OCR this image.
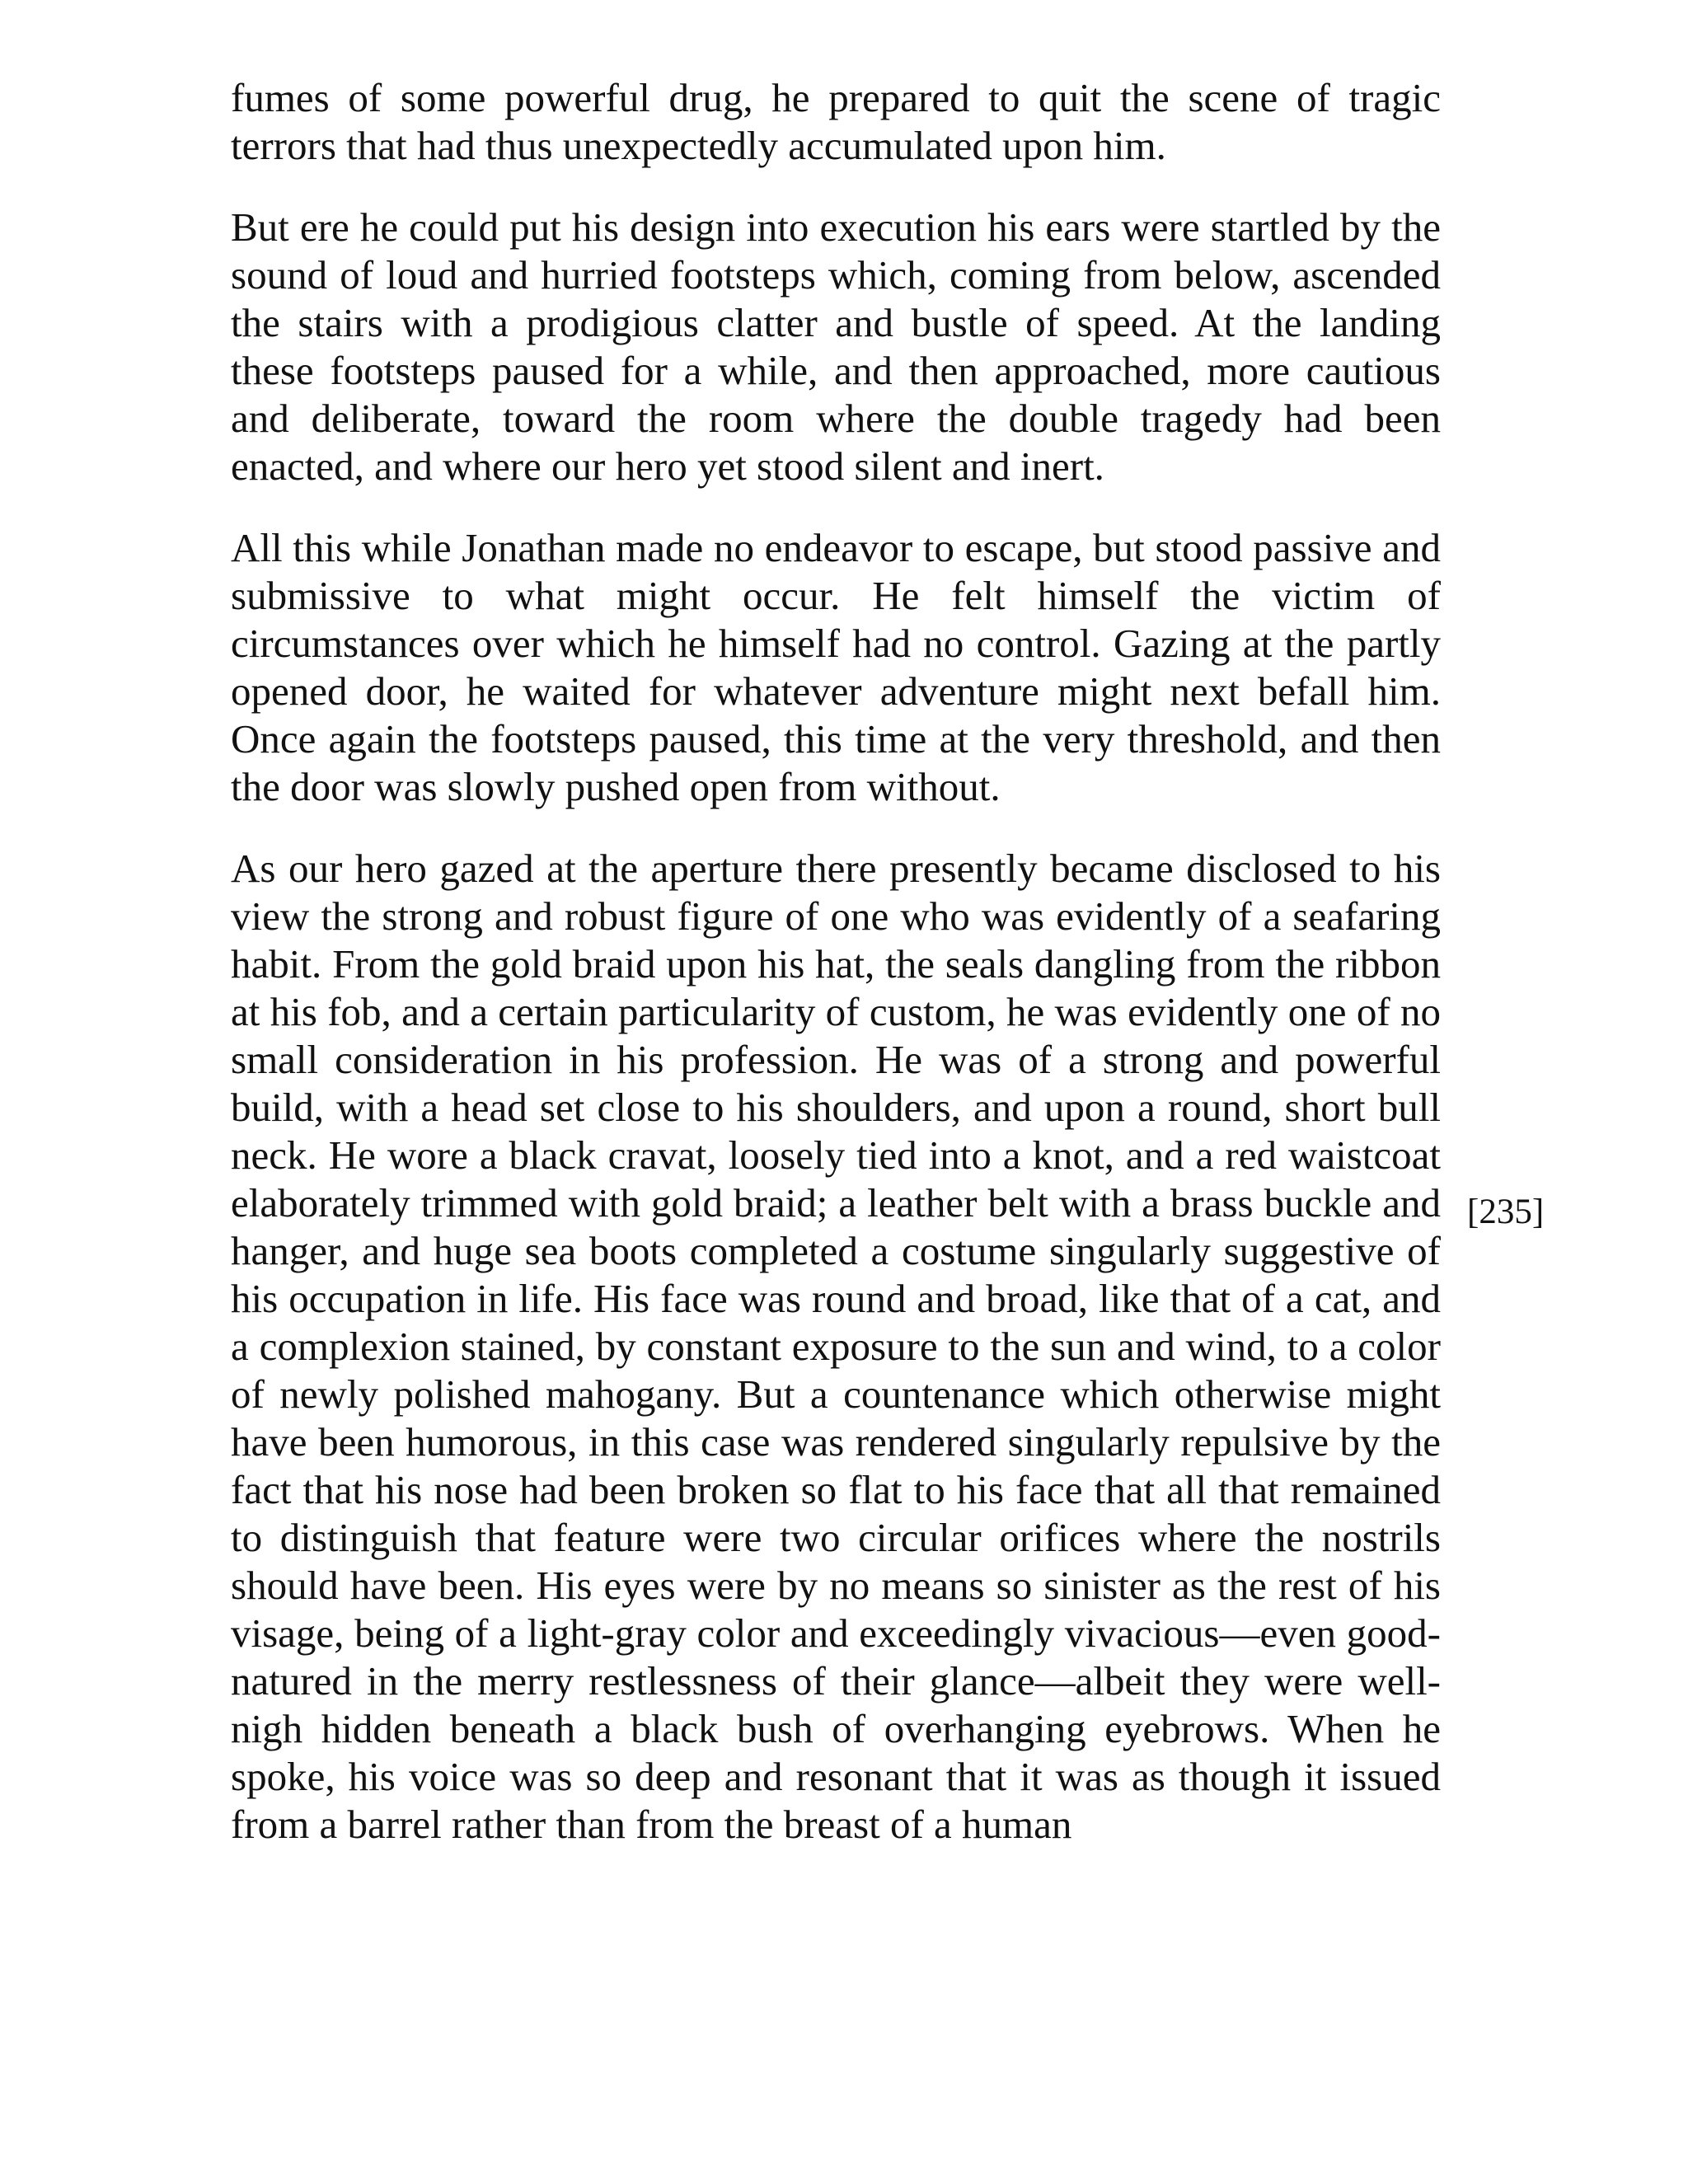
fumes of some powerful drug, he prepared to quit the scene of tragic terrors that had thus unexpectedly accumulated upon him.

But ere he could put his design into execution his ears were startled by the sound of loud and hurried footsteps which, coming from below, ascended the stairs with a prodigious clatter and bustle of speed. At the landing these footsteps paused for a while, and then approached, more cautious and deliberate, toward the room where the double tragedy had been enacted, and where our hero yet stood silent and inert.

All this while Jonathan made no endeavor to escape, but stood passive and submissive to what might occur. He felt himself the victim of circumstances over which he himself had no control. Gazing at the partly opened door, he waited for whatever adventure might next befall him. Once again the footsteps paused, this time at the very threshold, and then the door was slowly pushed open from without.

As our hero gazed at the aperture there presently became disclosed to his view the strong and robust figure of one who was evidently of a seafaring habit. From the gold braid upon his hat, the seals dangling from the ribbon at his fob, and a certain particularity of custom, he was evidently one of no small consideration in his profession. He was of a strong and powerful build, with a head set close to his shoulders, and upon a round, short bull neck. He wore a black cravat, loosely tied into a knot, and a red waistcoat elaborately trimmed with gold braid; a leather belt with a brass buckle and hanger, and huge sea boots completed a costume singularly suggestive of his occupation in life. His face was round and broad, like that of a cat, and a complexion stained, by constant exposure to the sun and wind, to a color of newly polished mahogany. But a countenance which otherwise might have been humorous, in this case was rendered singularly repulsive by the fact that his nose had been broken so flat to his face that all that remained to distinguish that feature were two circular orifices where the nostrils should have been. His eyes were by no means so sinister as the rest of his visage, being of a light-gray color and exceedingly vivacious—even good-natured in the merry restlessness of their glance—albeit they were well-nigh hidden beneath a black bush of overhanging eyebrows. When he spoke, his voice was so deep and resonant that it was as though it issued from a barrel rather than from the breast of a human

[235]
